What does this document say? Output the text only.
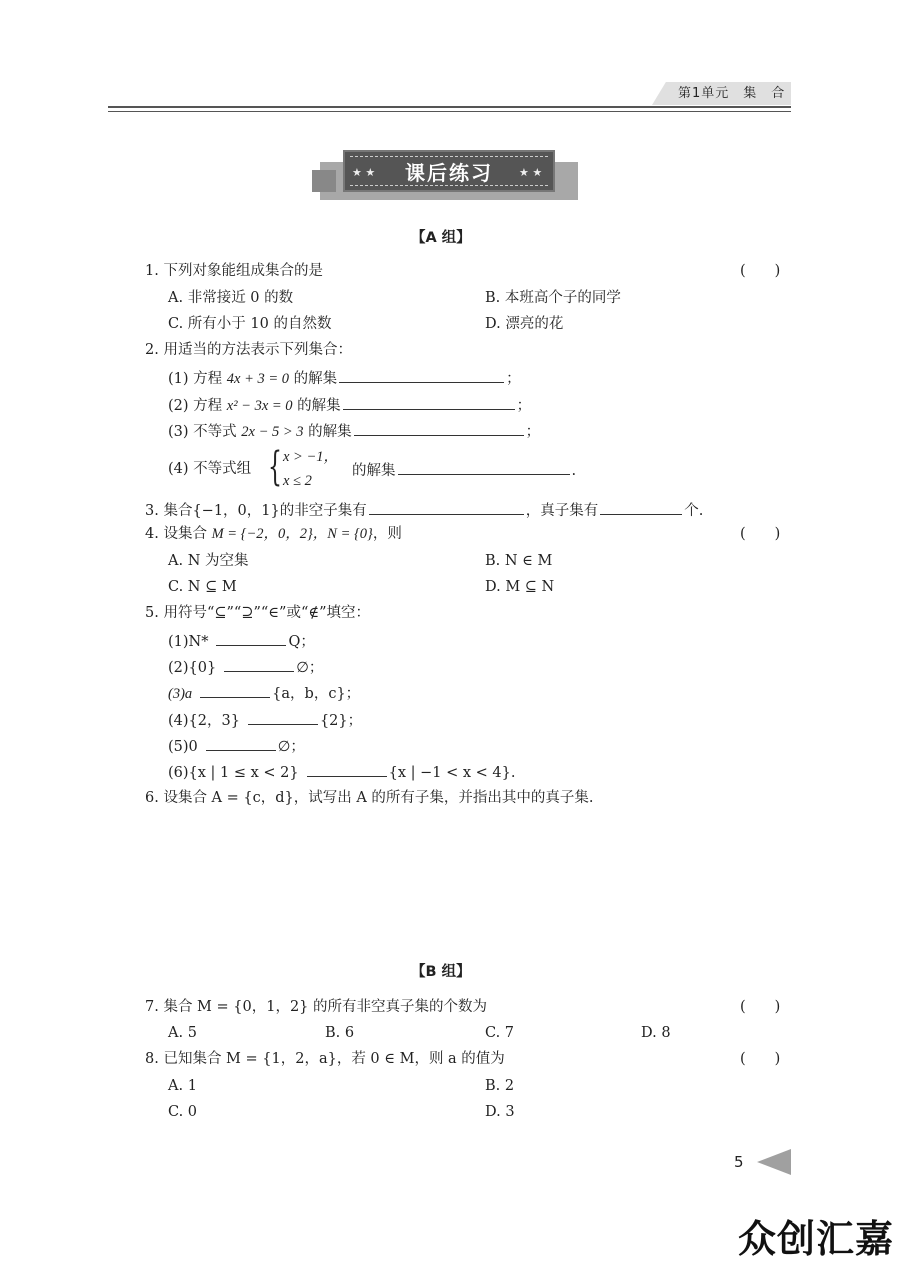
第1单元　集　合
★ ★	★ ★
课后练习
【A 组】
1. 下列对象能组成集合的是	(　　)
A. 非常接近 0 的数	B. 本班高个子的同学
C. 所有小于 10 的自然数	D. 漂亮的花
2. 用适当的方法表示下列集合：
(1) 方程 4x + 3 = 0 的解集	；
(2) 方程 x² − 3x = 0 的解集	；
(3) 不等式 2x − 5 > 3 的解集	；
(4) 不等式组 { x > −1，
x ≤ 2
的解集	.
3. 集合{−1，0，1}的非空子集有	，真子集有	个.
4. 设集合 M = {−2，0，2}，N = {0}，则	(　　)
A. N 为空集	B. N ∈ M
C. N ⊆ M	D. M ⊆ N
5. 用符号“⊆”“⊇”“∈”或“∉”填空：
(1)N*	Q；
(2){0}	∅；
(3)a	{a，b，c}；
(4){2，3}	{2}；
(5)0	∅；
(6){x | 1 ≤ x < 2}	{x | −1 < x < 4}.
6. 设集合 A = {c，d}，试写出 A 的所有子集，并指出其中的真子集.
【B 组】
7. 集合 M = {0，1，2} 的所有非空真子集的个数为	(　　)
A. 5	B. 6	C. 7	D. 8
8. 已知集合 M = {1，2，a}，若 0 ∈ M，则 a 的值为	(　　)
A. 1	B. 2
C. 0	D. 3
5
众创汇嘉
